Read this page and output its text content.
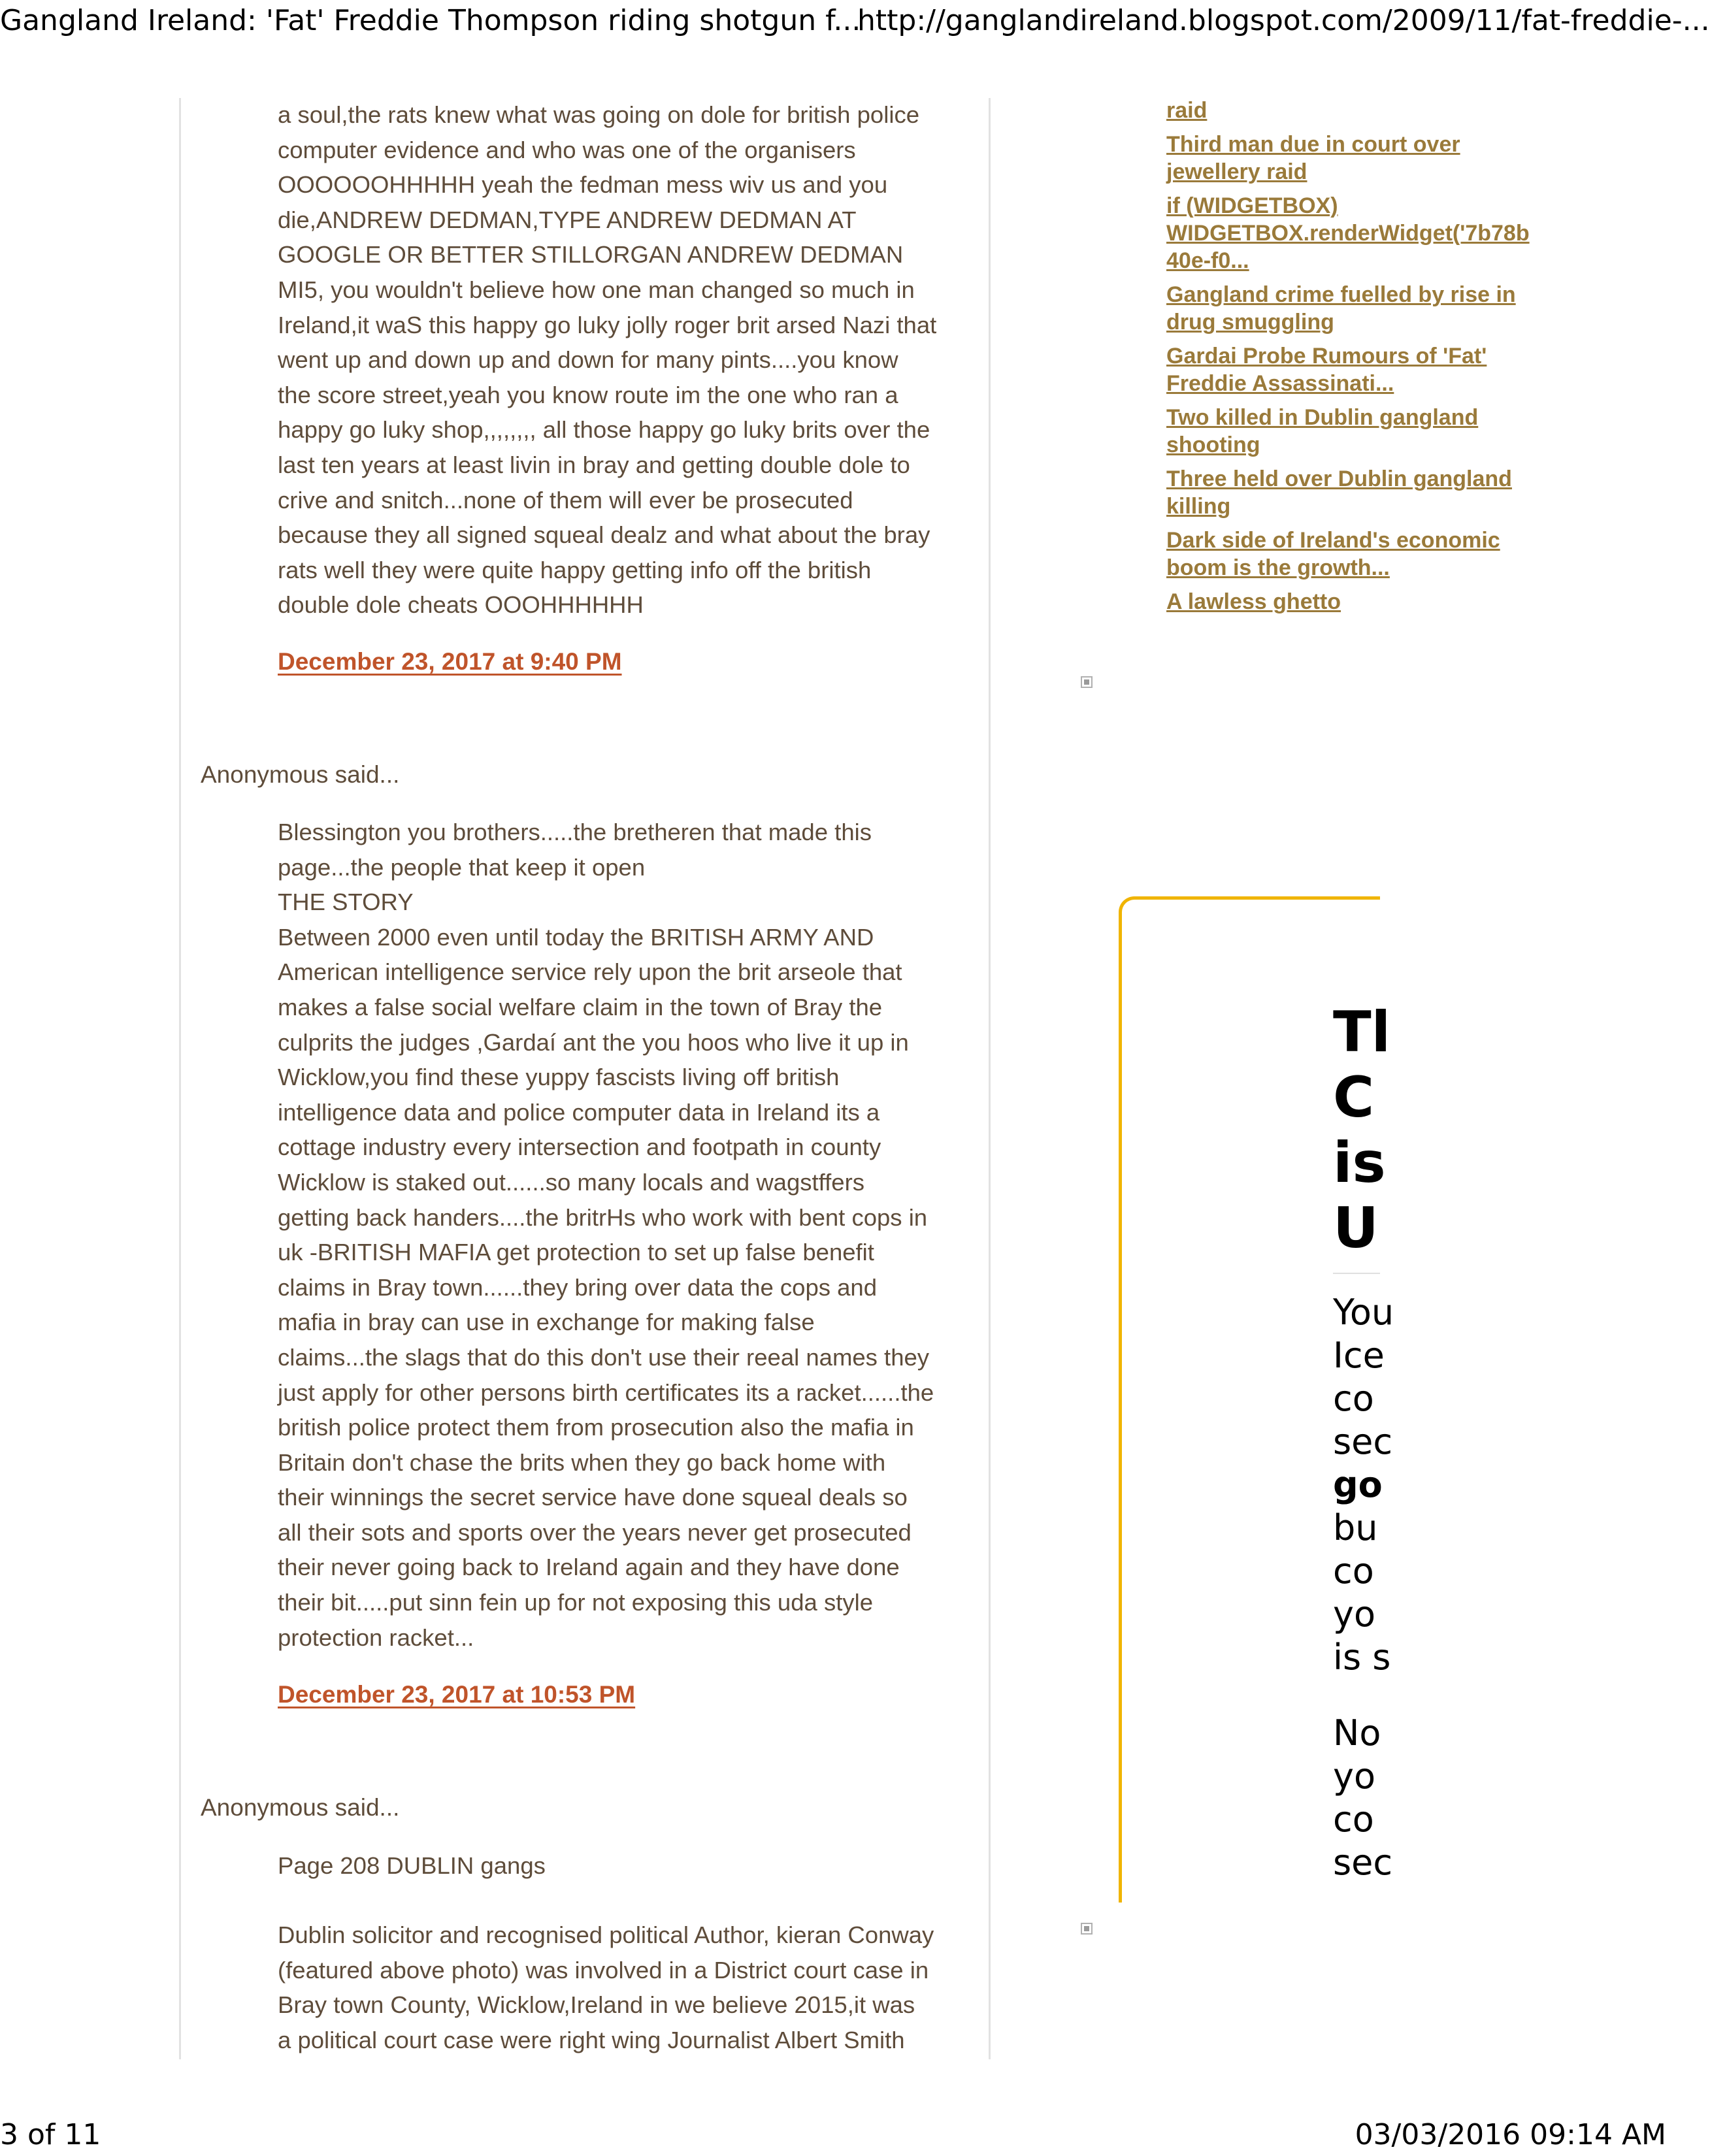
Gangland Ireland: 'Fat' Freddie Thompson riding shotgun f...
http://ganglandireland.blogspot.com/2009/11/fat-freddie-...

a soul,the rats knew what was going on dole for british police

computer evidence and who was one of the organisers

OOOOOOHHHHH yeah the fedman mess wiv us and you

die,ANDREW DEDMAN,TYPE ANDREW DEDMAN AT

GOOGLE OR BETTER STILLORGAN ANDREW DEDMAN

MI5, you wouldn't believe how one man changed so much in

Ireland,it waS this happy go luky jolly roger brit arsed Nazi that

went up and down up and down for many pints....you know

the score street,yeah you know route im the one who ran a

happy go luky shop,,,,,,,, all those happy go luky brits over the

last ten years at least livin in bray and getting double dole to

crive and snitch...none of them will ever be prosecuted

because they all signed squeal dealz and what about the bray

rats well they were quite happy getting info off the british

double dole cheats OOOHHHHHH

December 23, 2017 at 9:40 PM
Anonymous said...

Blessington you brothers.....the bretheren that made this

page...the people that keep it open

THE STORY

Between 2000 even until today the BRITISH ARMY AND

American intelligence service rely upon the brit arseole that

makes a false social welfare claim in the town of Bray the

culprits the judges ,Gardaí ant the you hoos who live it up in

Wicklow,you find these yuppy fascists living off british

intelligence data and police computer data in Ireland its a

cottage industry every intersection and footpath in county

Wicklow is staked out......so many locals and wagstffers

getting back handers....the britrHs who work with bent cops in

uk -BRITISH MAFIA get protection to set up false benefit

claims in Bray town......they bring over data the cops and

mafia in bray can use in exchange for making false

claims...the slags that do this don't use their reeal names they

just apply for other persons birth certificates its a racket......the

british police protect them from prosecution also the mafia in

Britain don't chase the brits when they go back home with

their winnings the secret service have done squeal deals so

all their sots and sports over the years never get prosecuted

their never going back to Ireland again and they have done

their bit.....put sinn fein up for not exposing this uda style

protection racket...

December 23, 2017 at 10:53 PM
Anonymous said...

Page 208 DUBLIN gangs

Dublin solicitor and recognised political Author, kieran Conway

(featured above photo) was involved in a District court case in

Bray town County, Wicklow,Ireland in we believe 2015,it was

a political court case were right wing Journalist Albert Smith

raid
Third man due in court over jewellery raid
if (WIDGETBOX) WIDGETBOX.renderWidget('7b78b 40e-f0...
Gangland crime fuelled by rise in drug smuggling
Gardai Probe Rumours of 'Fat' Freddie Assassinati...
Two killed in Dublin gangland shooting
Three held over Dublin gangland killing
Dark side of Ireland's economic boom is the growth...
A lawless ghetto
Tl
C
is
U
You
Ice
co
sec
go
bu
co
yo
is s
No
yo
co
sec
3 of 11	03/03/2016 09:14 AM
